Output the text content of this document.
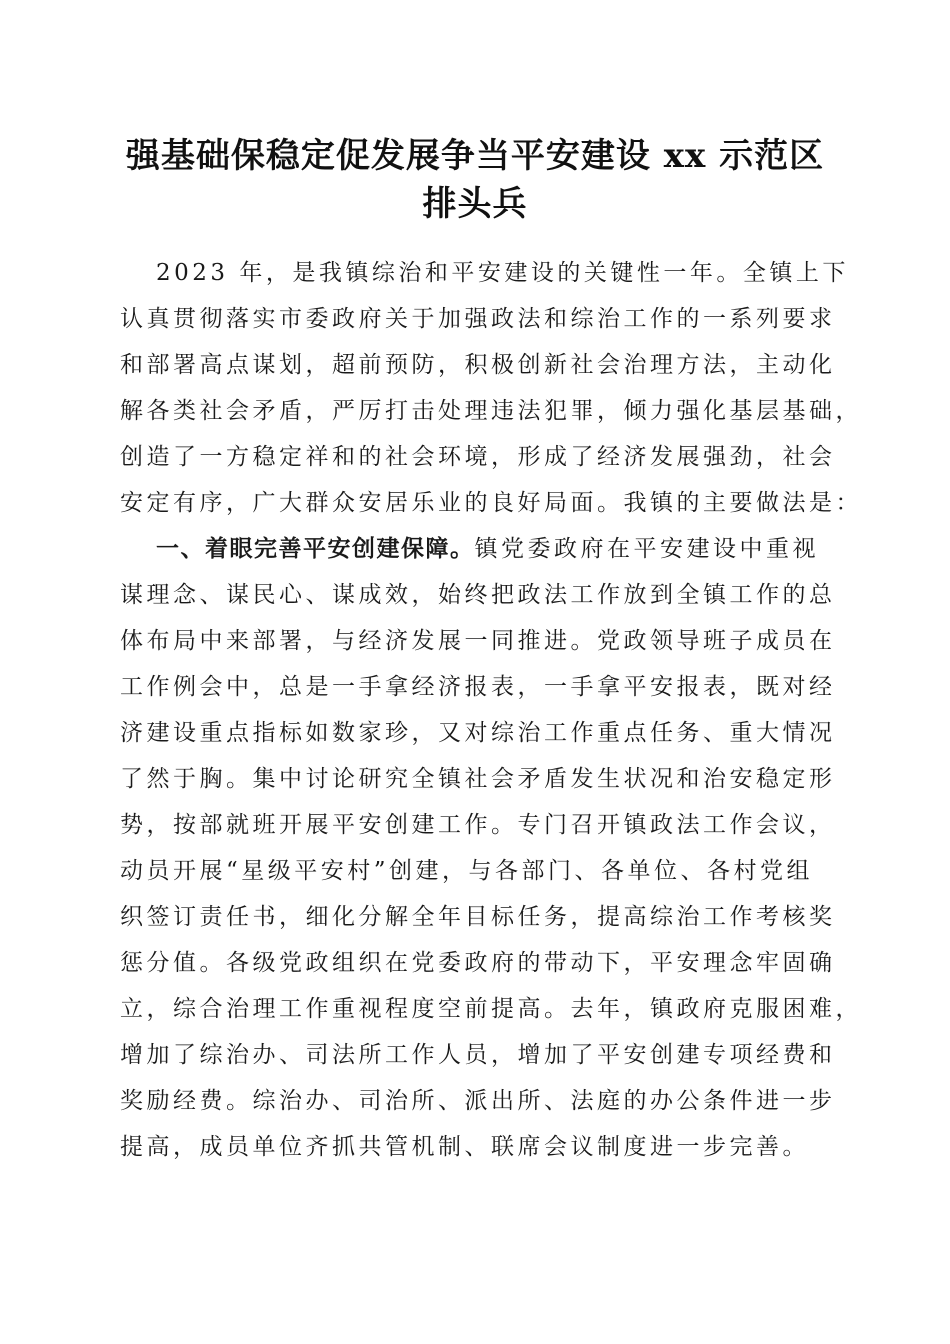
强基础保稳定促发展争当平安建设 xx 示范区
排头兵
2023 年，是我镇综治和平安建设的关键性一年。全镇上下
认真贯彻落实市委政府关于加强政法和综治工作的一系列要求
和部署高点谋划，超前预防，积极创新社会治理方法，主动化
解各类社会矛盾，严厉打击处理违法犯罪，倾力强化基层基础，
创造了一方稳定祥和的社会环境，形成了经济发展强劲，社会
安定有序，广大群众安居乐业的良好局面。我镇的主要做法是：
一、着眼完善平安创建保障。镇党委政府在平安建设中重视
谋理念、谋民心、谋成效，始终把政法工作放到全镇工作的总
体布局中来部署，与经济发展一同推进。党政领导班子成员在
工作例会中，总是一手拿经济报表，一手拿平安报表，既对经
济建设重点指标如数家珍，又对综治工作重点任务、重大情况
了然于胸。集中讨论研究全镇社会矛盾发生状况和治安稳定形
势，按部就班开展平安创建工作。专门召开镇政法工作会议，
动员开展“星级平安村”创建，与各部门、各单位、各村党组
织签订责任书，细化分解全年目标任务，提高综治工作考核奖
惩分值。各级党政组织在党委政府的带动下，平安理念牢固确
立，综合治理工作重视程度空前提高。去年，镇政府克服困难，
增加了综治办、司法所工作人员，增加了平安创建专项经费和
奖励经费。综治办、司治所、派出所、法庭的办公条件进一步
提高，成员单位齐抓共管机制、联席会议制度进一步完善。
